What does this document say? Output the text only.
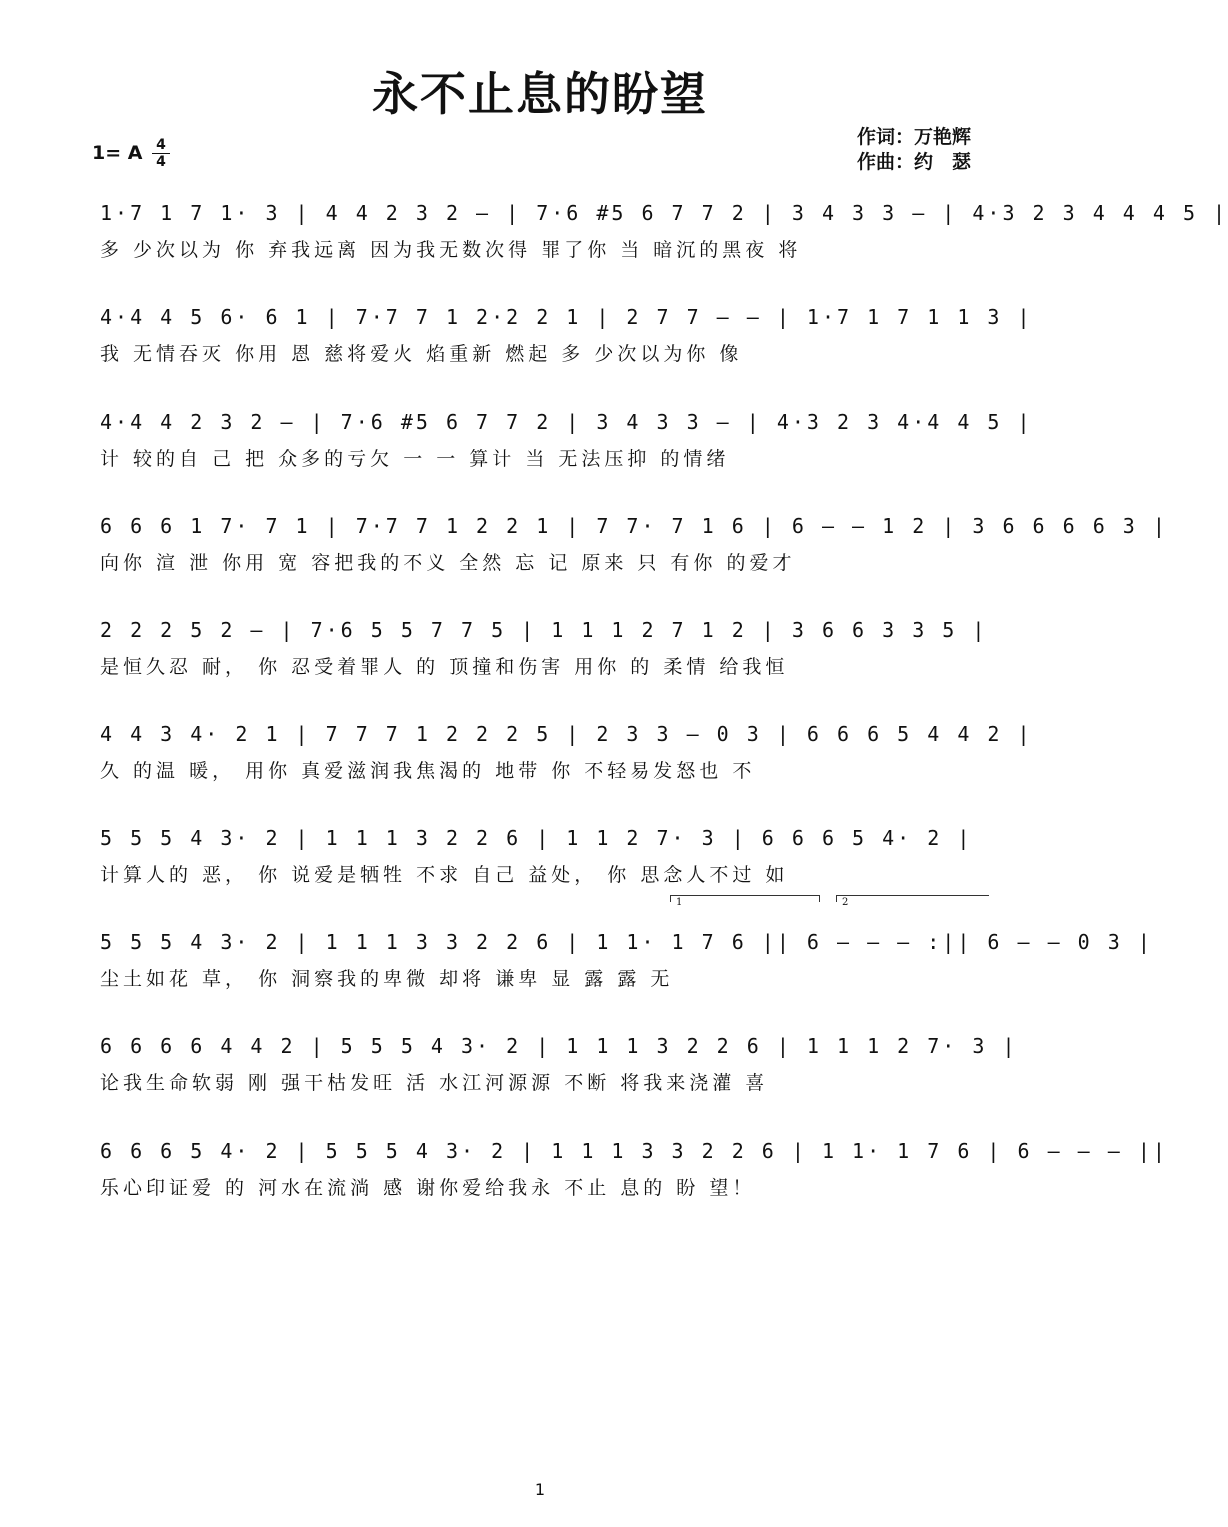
永不止息的盼望
1= A 4
4
作词：万艳辉
作曲：约　瑟
1·7 1 7 1· 3 | 4 4 2 3 2 — | 7·6 #5 6 7 7 2 | 3 4 3 3 — | 4·3 2 3 4 4 4 5 |
多 少次以为 你 弃我远离 因为我无数次得 罪了你 当 暗沉的黑夜 将
4·4 4 5 6· 6 1 | 7·7 7 1 2·2 2 1 | 2 7 7 — — | 1·7 1 7 1 1 3 |
我 无情吞灭 你用 恩 慈将爱火 焰重新 燃起 多 少次以为你 像
4·4 4 2 3 2 — | 7·6 #5 6 7 7 2 | 3 4 3 3 — | 4·3 2 3 4·4 4 5 |
计 较的自 己 把 众多的亏欠 一 一 算计 当 无法压抑 的情绪
6 6 6 1 7· 7 1 | 7·7 7 1 2 2 1 | 7 7· 7 1 6 | 6 — — 1 2 | 3 6 6 6 6 3 |
向你 渲 泄 你用 宽 容把我的不义 全然 忘 记 原来 只 有你 的爱才
2 2 2 5 2 — | 7·6 5 5 7 7 5 | 1 1 1 2 7 1 2 | 3 6 6 3 3 5 |
是恒久忍 耐， 你 忍受着罪人 的 顶撞和伤害 用你 的 柔情 给我恒
4 4 3 4· 2 1 | 7 7 7 1 2 2 2 5 | 2 3 3 — 0 3 | 6 6 6 5 4 4 2 |
久 的温 暖， 用你 真爱滋润我焦渴的 地带 你 不轻易发怒也 不
5 5 5 4 3· 2 | 1 1 1 3 2 2 6 | 1 1 2 7· 3 | 6 6 6 5 4· 2 |
计算人的 恶， 你 说爱是牺牲 不求 自己 益处， 你 思念人不过 如
1	2
5 5 5 4 3· 2 | 1 1 1 3 3 2 2 6 | 1 1· 1 7 6 || 6 — — — :|| 6 — — 0 3 |
尘土如花 草， 你 洞察我的卑微 却将 谦卑 显 露 露 无
6 6 6 6 4 4 2 | 5 5 5 4 3· 2 | 1 1 1 3 2 2 6 | 1 1 1 2 7· 3 |
论我生命软弱 刚 强干枯发旺 活 水江河源源 不断 将我来浇灌 喜
6 6 6 5 4· 2 | 5 5 5 4 3· 2 | 1 1 1 3 3 2 2 6 | 1 1· 1 7 6 | 6 — — — ||
乐心印证爱 的 河水在流淌 感 谢你爱给我永 不止 息的 盼 望！
1
